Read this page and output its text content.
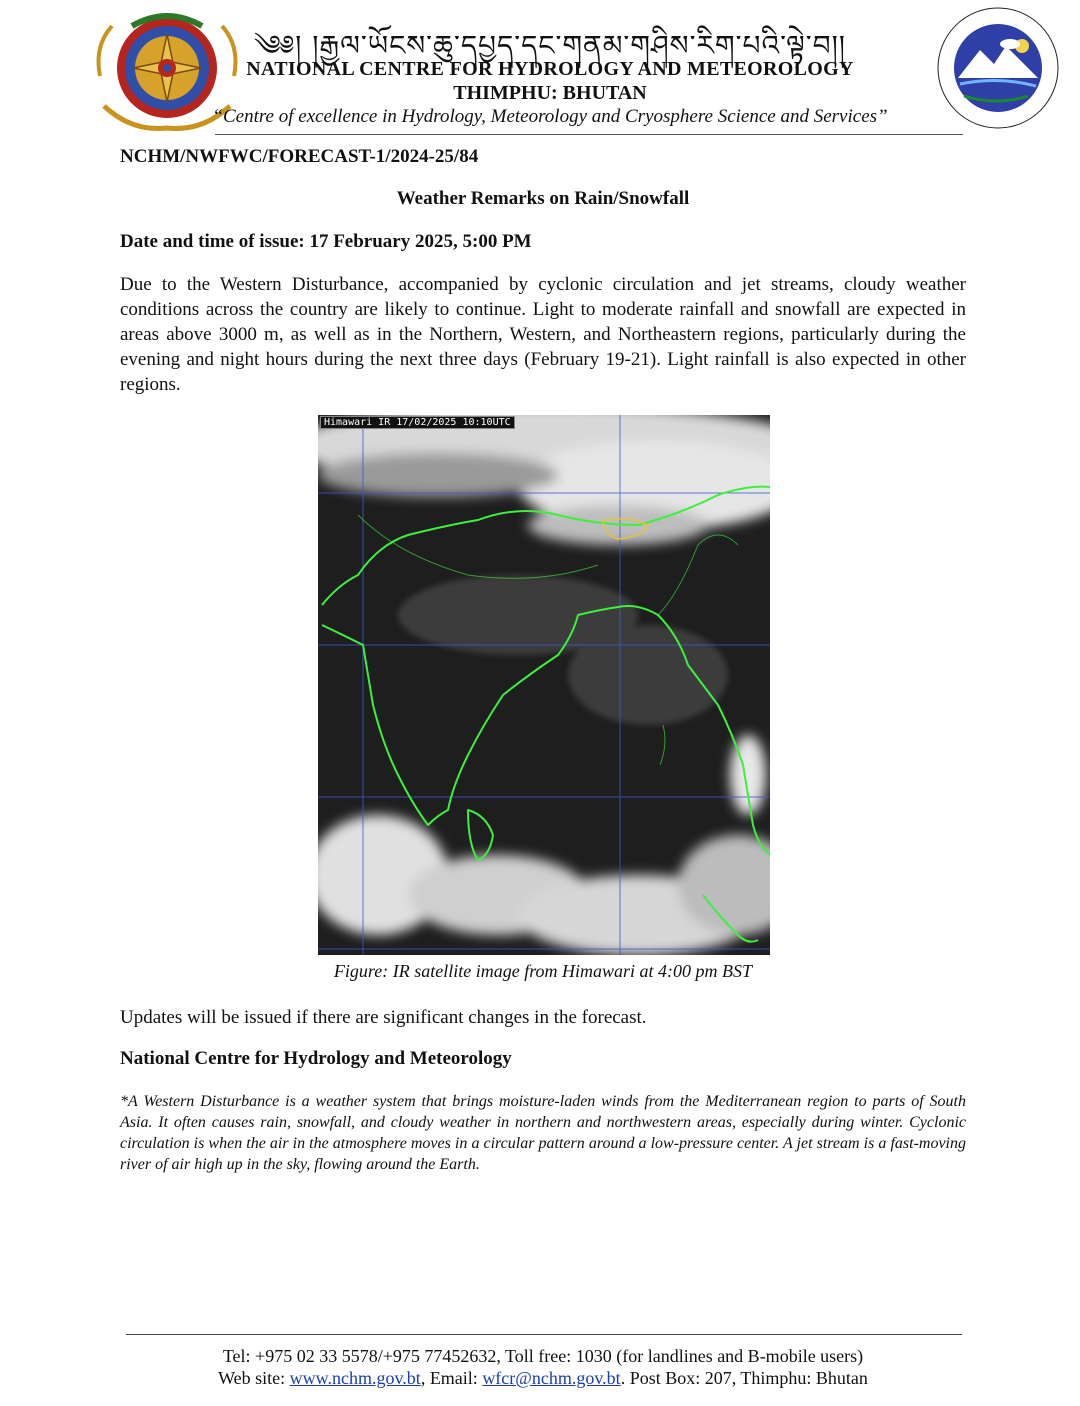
༄༅། །རྒྱལ་ཡོངས་ཆུ་དཔྱད་དང་གནམ་གཤིས་རིག་པའི་ལྟེ་བ།།
NATIONAL CENTRE FOR HYDROLOGY AND METEOROLOGY
THIMPHU: BHUTAN
“Centre of excellence in Hydrology, Meteorology and Cryosphere Science and Services”
NCHM/NWFWC/FORECAST-1/2024-25/84
Weather Remarks on Rain/Snowfall
Date and time of issue: 17 February 2025, 5:00 PM
Due to the Western Disturbance, accompanied by cyclonic circulation and jet streams, cloudy weather conditions across the country are likely to continue. Light to moderate rainfall and snowfall are expected in areas above 3000 m, as well as in the Northern, Western, and Northeastern regions, particularly during the evening and night hours during the next three days (February 19-21). Light rainfall is also expected in other regions.
Himawari IR 17/02/2025 10:10UTC
Figure: IR satellite image from Himawari at 4:00 pm BST
Updates will be issued if there are significant changes in the forecast.
National Centre for Hydrology and Meteorology
*A Western Disturbance is a weather system that brings moisture-laden winds from the Mediterranean region to parts of South Asia. It often causes rain, snowfall, and cloudy weather in northern and northwestern areas, especially during winter. Cyclonic circulation is when the air in the atmosphere moves in a circular pattern around a low-pressure center. A jet stream is a fast-moving river of air high up in the sky, flowing around the Earth.
Tel: +975 02 33 5578/+975 77452632, Toll free: 1030 (for landlines and B-mobile users)
Web site: www.nchm.gov.bt, Email: wfcr@nchm.gov.bt. Post Box: 207, Thimphu: Bhutan
